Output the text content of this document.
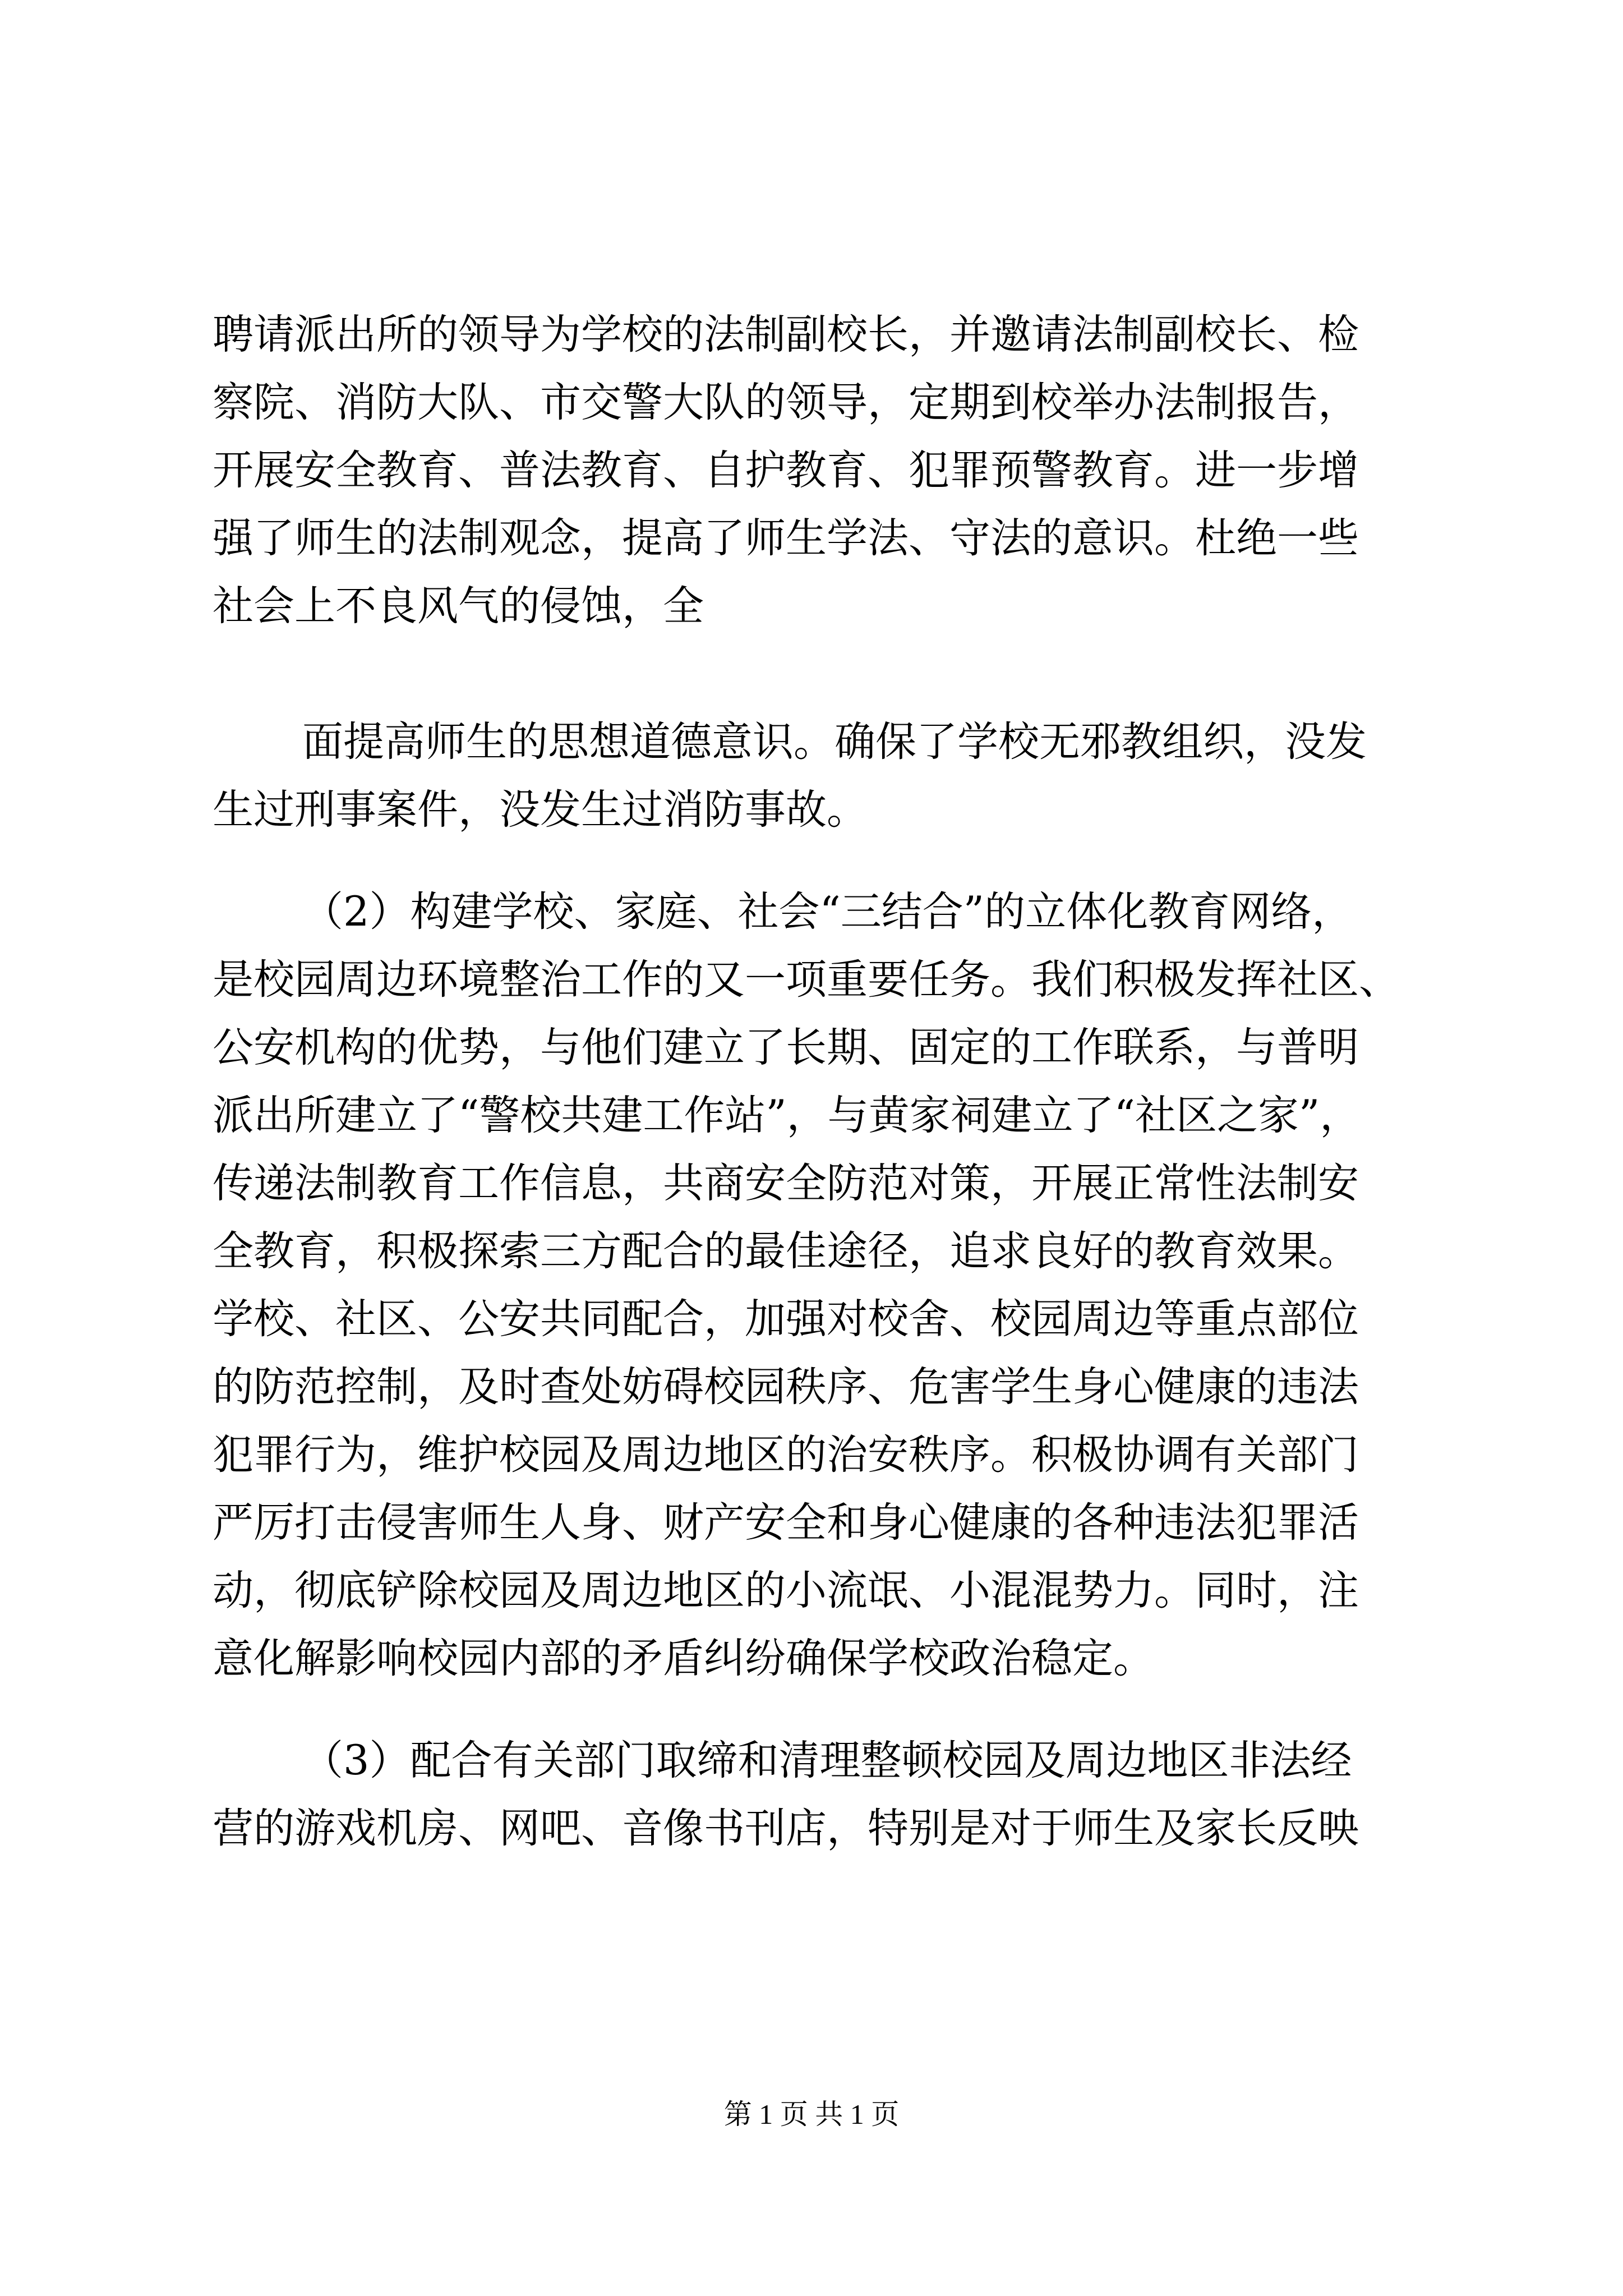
聘请派出所的领导为学校的法制副校长，并邀请法制副校长、检
察院、消防大队、市交警大队的领导，定期到校举办法制报告，
开展安全教育、普法教育、自护教育、犯罪预警教育。进一步增
强了师生的法制观念，提高了师生学法、守法的意识。杜绝一些
社会上不良风气的侵蚀，全
面提高师生的思想道德意识。确保了学校无邪教组织，没发
生过刑事案件，没发生过消防事故。
（2）构建学校、家庭、社会“三结合”的立体化教育网络，
是校园周边环境整治工作的又一项重要任务。我们积极发挥社区、
公安机构的优势，与他们建立了长期、固定的工作联系，与普明
派出所建立了“警校共建工作站”，与黄家祠建立了“社区之家”，
传递法制教育工作信息，共商安全防范对策，开展正常性法制安
全教育，积极探索三方配合的最佳途径，追求良好的教育效果。
学校、社区、公安共同配合，加强对校舍、校园周边等重点部位
的防范控制，及时查处妨碍校园秩序、危害学生身心健康的违法
犯罪行为，维护校园及周边地区的治安秩序。积极协调有关部门
严厉打击侵害师生人身、财产安全和身心健康的各种违法犯罪活
动，彻底铲除校园及周边地区的小流氓、小混混势力。同时，注
意化解影响校园内部的矛盾纠纷确保学校政治稳定。
（3）配合有关部门取缔和清理整顿校园及周边地区非法经
营的游戏机房、网吧、音像书刊店，特别是对于师生及家长反映
第 1 页 共 1 页
